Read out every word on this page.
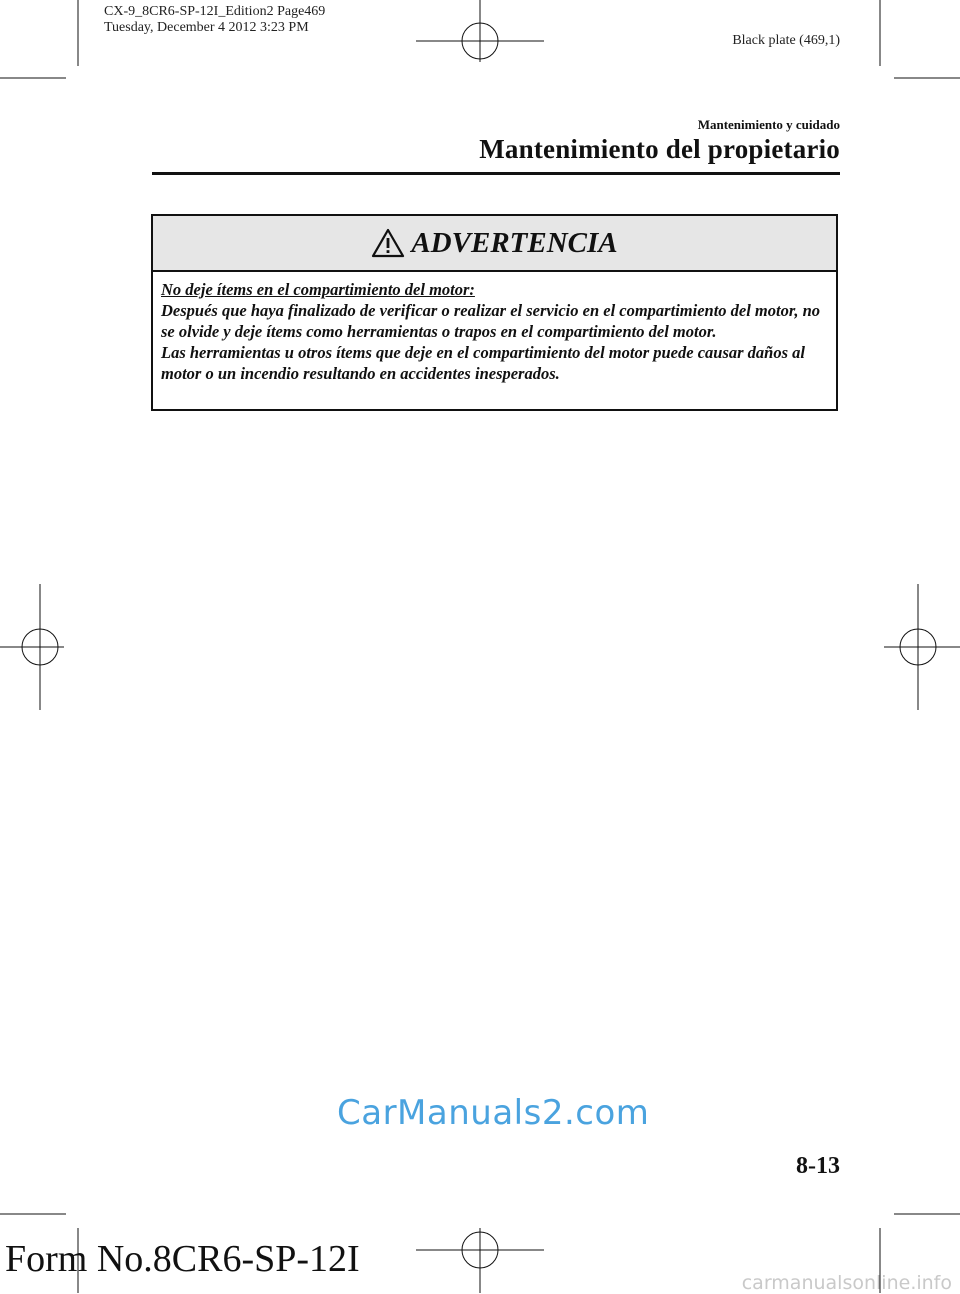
CX-9_8CR6-SP-12I_Edition2 Page469
Tuesday, December 4 2012 3:23 PM
Black plate (469,1)
Mantenimiento y cuidado
Mantenimiento del propietario
ADVERTENCIA

No deje ítems en el compartimiento del motor:

Después que haya finalizado de verificar o realizar el servicio en el compartimiento del motor, no se olvide y deje ítems como herramientas o trapos en el compartimiento del motor.

Las herramientas u otros ítems que deje en el compartimiento del motor puede causar daños al motor o un incendio resultando en accidentes inesperados.

CarManuals2.com
8-13
Form No.8CR6-SP-12I
carmanualsonline.info
